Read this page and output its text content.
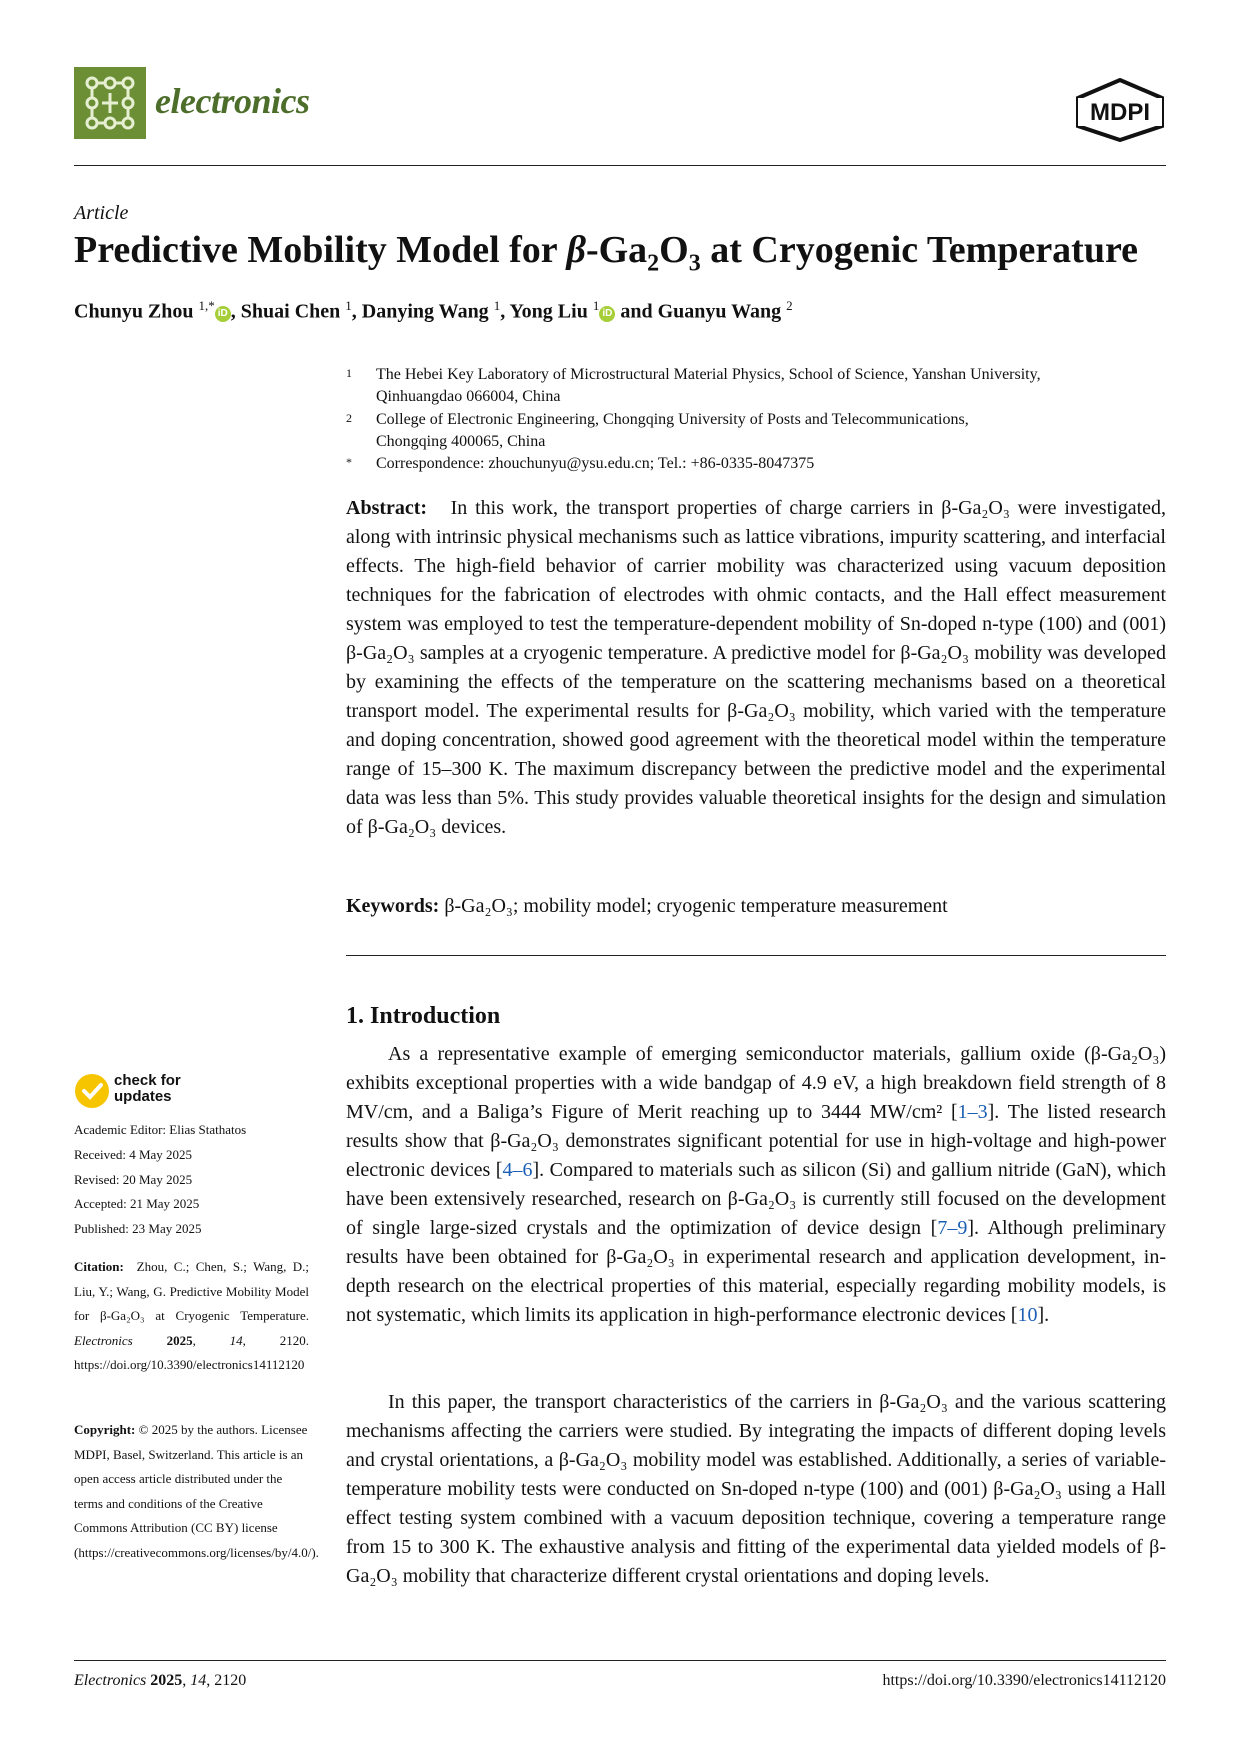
electronics	MDPI
Article
Predictive Mobility Model for $\beta-Ga_2O_3$ at Cryogenic Temperature
Chunyu Zhou $^{1,*}$iD , Shuai Chen $^1$, Danying Wang $^1$, Yong Liu $^1$iD and Guanyu Wang $^2$
1 The Hebei Key Laboratory of Microstructural Material Physics, School of Science, Yanshan University,
Qinhuangdao 066004, China
2 College of Electronic Engineering, Chongqing University of Posts and Telecommunications,
Chongqing 400065, China
* Correspondence: zhouchunyu@ysu.edu.cn; Tel.: +86-0335-8047375
Abstract: In this work, the transport properties of charge carriers in β-Ga₂O₃ were investigated, along with intrinsic physical mechanisms such as lattice vibrations, impurity scattering, and interfacial effects. The high-field behavior of carrier mobility was characterized using vacuum deposition techniques for the fabrication of electrodes with ohmic contacts, and the Hall effect measurement system was employed to test the temperature-dependent mobility of Sn-doped n-type (100) and (001) β-Ga₂O₃ samples at a cryogenic temperature. A predictive model for β-Ga₂O₃ mobility was developed by examining the effects of the temperature on the scattering mechanisms based on a theoretical transport model. The experimental results for β-Ga₂O₃ mobility, which varied with the temperature and doping concentration, showed good agreement with the theoretical model within the temperature range of 15–300 K. The maximum discrepancy between the predictive model and the experimental data was less than 5%. This study provides valuable theoretical insights for the design and simulation of β-Ga₂O₃ devices.
Keywords: β-Ga₂O₃; mobility model; cryogenic temperature measurement
1. Introduction
As a representative example of emerging semiconductor materials, gallium oxide (β-Ga₂O₃) exhibits exceptional properties with a wide bandgap of 4.9 eV, a high breakdown field strength of 8 MV/cm, and a Baliga’s Figure of Merit reaching up to 3444 MW/cm² [1–3]. The listed research results show that β-Ga₂O₃ demonstrates significant potential for use in high-voltage and high-power electronic devices [4–6]. Compared to materials such as silicon (Si) and gallium nitride (GaN), which have been extensively researched, research on β-Ga₂O₃ is currently still focused on the development of single large-sized crystals and the optimization of device design [7–9]. Although preliminary results have been obtained for β-Ga₂O₃ in experimental research and application development, in-depth research on the electrical properties of this material, especially regarding mobility models, is not systematic, which limits its application in high-performance electronic devices [10].
In this paper, the transport characteristics of the carriers in β-Ga₂O₃ and the various scattering mechanisms affecting the carriers were studied. By integrating the impacts of different doping levels and crystal orientations, a β-Ga₂O₃ mobility model was established. Additionally, a series of variable-temperature mobility tests were conducted on Sn-doped n-type (100) and (001) β-Ga₂O₃ using a Hall effect testing system combined with a vacuum deposition technique, covering a temperature range from 15 to 300 K. The exhaustive analysis and fitting of the experimental data yielded models of β-Ga₂O₃ mobility that characterize different crystal orientations and doping levels.
check for
updates
Academic Editor: Elias Stathatos
Received: 4 May 2025
Revised: 20 May 2025
Accepted: 21 May 2025
Published: 23 May 2025
Citation: Zhou, C.; Chen, S.; Wang, D.; Liu, Y.; Wang, G. Predictive Mobility Model for β-Ga₂O₃ at Cryogenic Temperature. Electronics	2025, 14, 2120. https://doi.org/10.3390/electronics14112120
Copyright: © 2025 by the authors. Licensee MDPI, Basel, Switzerland. This article is an open access article distributed under the terms and conditions of the Creative Commons Attribution (CC BY) license (https://creativecommons.org/licenses/by/4.0/).
Electronics 2025, 14, 2120	https://doi.org/10.3390/electronics14112120
